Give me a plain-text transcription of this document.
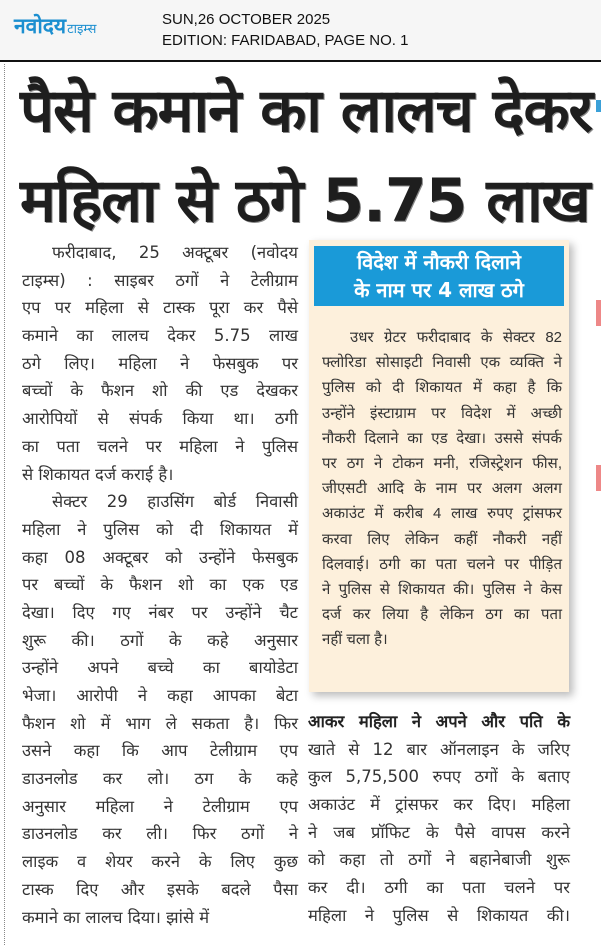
नवोदयटाइम्स
SUN,26 OCTOBER 2025
EDITION: FARIDABAD, PAGE NO. 1
पैसे कमाने का लालच देकर
महिला से ठगे 5.75 लाख
फरीदाबाद, 25 अक्टूबर (नवोदय
टाइम्स) : साइबर ठगों ने टेलीग्राम
एप पर महिला से टास्क पूरा कर पैसे
कमाने का लालच देकर 5.75 लाख
ठगे लिए। महिला ने फेसबुक पर
बच्चों के फैशन शो की एड देखकर
आरोपियों से संपर्क किया था। ठगी
का पता चलने पर महिला ने पुलिस
से शिकायत दर्ज कराई है।
सेक्टर 29 हाउसिंग बोर्ड निवासी
महिला ने पुलिस को दी शिकायत में
कहा 08 अक्टूबर को उन्होंने फेसबुक
पर बच्चों के फैशन शो का एक एड
देखा। दिए गए नंबर पर उन्होंने चैट
शुरू की। ठगों के कहे अनुसार
उन्होंने अपने बच्चे का बायोडेटा
भेजा। आरोपी ने कहा आपका बेटा
फैशन शो में भाग ले सकता है। फिर
उसने कहा कि आप टेलीग्राम एप
डाउनलोड कर लो। ठग के कहे
अनुसार महिला ने टेलीग्राम एप
डाउनलोड कर ली। फिर ठगों ने
लाइक व शेयर करने के लिए कुछ
टास्क दिए और इसके बदले पैसा
कमाने का लालच दिया। झांसे में
विदेश में नौकरी दिलाने
के नाम पर 4 लाख ठगे
उधर ग्रेटर फरीदाबाद के सेक्टर 82
फ्लोरिडा सोसाइटी निवासी एक व्यक्ति ने
पुलिस को दी शिकायत में कहा है कि
उन्होंने इंस्टाग्राम पर विदेश में अच्छी
नौकरी दिलाने का एड देखा। उससे संपर्क
पर ठग ने टोकन मनी, रजिस्ट्रेशन फीस,
जीएसटी आदि के नाम पर अलग अलग
अकाउंट में करीब 4 लाख रुपए ट्रांसफर
करवा लिए लेकिन कहीं नौकरी नहीं
दिलवाई। ठगी का पता चलने पर पीड़ित
ने पुलिस से शिकायत की। पुलिस ने केस
दर्ज कर लिया है लेकिन ठग का पता
नहीं चला है।
आकर महिला ने अपने और पति के
खाते से 12 बार ऑनलाइन के जरिए
कुल 5,75,500 रुपए ठगों के बताए
अकाउंट में ट्रांसफर कर दिए। महिला
ने जब प्रॉफिट के पैसे वापस करने
को कहा तो ठगों ने बहानेबाजी शुरू
कर दी। ठगी का पता चलने पर
महिला ने पुलिस से शिकायत की।
